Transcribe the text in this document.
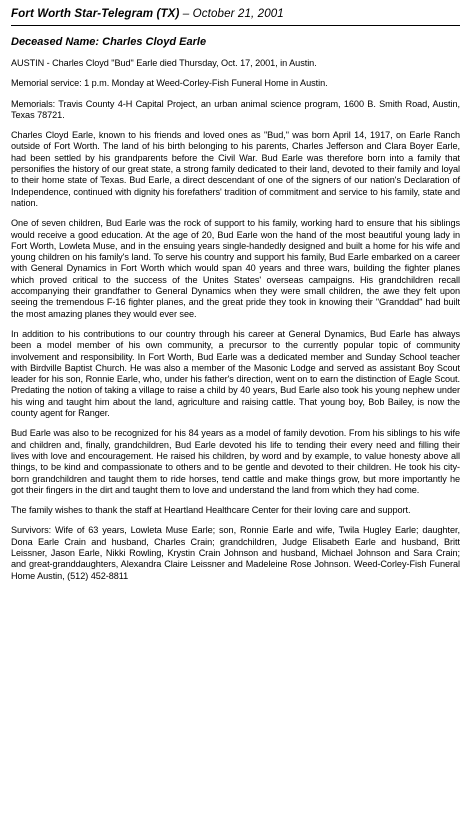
Fort Worth Star-Telegram (TX) – October 21, 2001
Deceased Name: Charles Cloyd Earle

AUSTIN - Charles Cloyd "Bud" Earle died Thursday, Oct. 17, 2001, in Austin.

Memorial service: 1 p.m. Monday at Weed-Corley-Fish Funeral Home in Austin.

Memorials: Travis County 4-H Capital Project, an urban animal science program, 1600 B. Smith Road, Austin, Texas 78721.

Charles Cloyd Earle, known to his friends and loved ones as "Bud," was born April 14, 1917, on Earle Ranch outside of Fort Worth. The land of his birth belonging to his parents, Charles Jefferson and Clara Boyer Earle, had been settled by his grandparents before the Civil War. Bud Earle was therefore born into a family that personifies the history of our great state, a strong family dedicated to their land, devoted to their family and loyal to their home state of Texas. Bud Earle, a direct descendant of one of the signers of our nation's Declaration of Independence, continued with dignity his forefathers' tradition of commitment and service to his family, state and nation.

One of seven children, Bud Earle was the rock of support to his family, working hard to ensure that his siblings would receive a good education. At the age of 20, Bud Earle won the hand of the most beautiful young lady in Fort Worth, Lowleta Muse, and in the ensuing years single-handedly designed and built a home for his wife and young children on his family's land. To serve his country and support his family, Bud Earle embarked on a career with General Dynamics in Fort Worth which would span 40 years and three wars, building the fighter planes which proved critical to the success of the Unites States' overseas campaigns. His grandchildren recall accompanying their grandfather to General Dynamics when they were small children, the awe they felt upon seeing the tremendous F-16 fighter planes, and the great pride they took in knowing their "Granddad" had built the most amazing planes they would ever see.

In addition to his contributions to our country through his career at General Dynamics, Bud Earle has always been a model member of his own community, a precursor to the currently popular topic of community involvement and responsibility. In Fort Worth, Bud Earle was a dedicated member and Sunday School teacher with Birdville Baptist Church. He was also a member of the Masonic Lodge and served as assistant Boy Scout leader for his son, Ronnie Earle, who, under his father's direction, went on to earn the distinction of Eagle Scout. Predating the notion of taking a village to raise a child by 40 years, Bud Earle also took his young nephew under his wing and taught him about the land, agriculture and raising cattle. That young boy, Bob Bailey, is now the county agent for Ranger.

Bud Earle was also to be recognized for his 84 years as a model of family devotion. From his siblings to his wife and children and, finally, grandchildren, Bud Earle devoted his life to tending their every need and filling their lives with love and encouragement. He raised his children, by word and by example, to value honesty above all things, to be kind and compassionate to others and to be gentle and devoted to their children. He took his city-born grandchildren and taught them to ride horses, tend cattle and make things grow, but more importantly he got their fingers in the dirt and taught them to love and understand the land from which they had come.

The family wishes to thank the staff at Heartland Healthcare Center for their loving care and support.

Survivors: Wife of 63 years, Lowleta Muse Earle; son, Ronnie Earle and wife, Twila Hugley Earle; daughter, Dona Earle Crain and husband, Charles Crain; grandchildren, Judge Elisabeth Earle and husband, Britt Leissner, Jason Earle, Nikki Rowling, Krystin Crain Johnson and husband, Michael Johnson and Sara Crain; and great-granddaughters, Alexandra Claire Leissner and Madeleine Rose Johnson. Weed-Corley-Fish Funeral Home Austin, (512) 452-8811
